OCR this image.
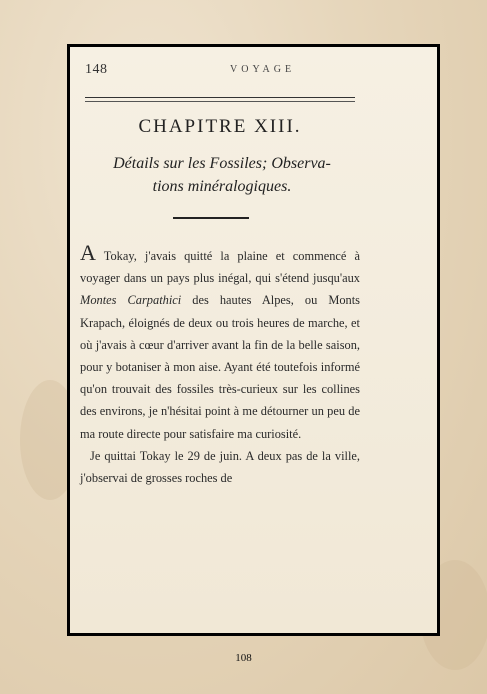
148	VOYAGE
CHAPITRE XIII.
Détails sur les Fossiles; Observa-
tions minéralogiques.

A Tokay, j'avais quitté la plaine et commencé à voyager dans un pays plus inégal, qui s'étend jusqu'aux Montes Carpathici des hautes Alpes, ou Monts Krapach, éloignés de deux ou trois heures de marche, et où j'avais à cœur d'arriver avant la fin de la belle saison, pour y botaniser à mon aise. Ayant été toutefois informé qu'on trouvait des fossiles très-curieux sur les collines des environs, je n'hésitai point à me détourner un peu de ma route directe pour satisfaire ma curiosité.

Je quittai Tokay le 29 de juin. A deux pas de la ville, j'observai de grosses roches de

108
